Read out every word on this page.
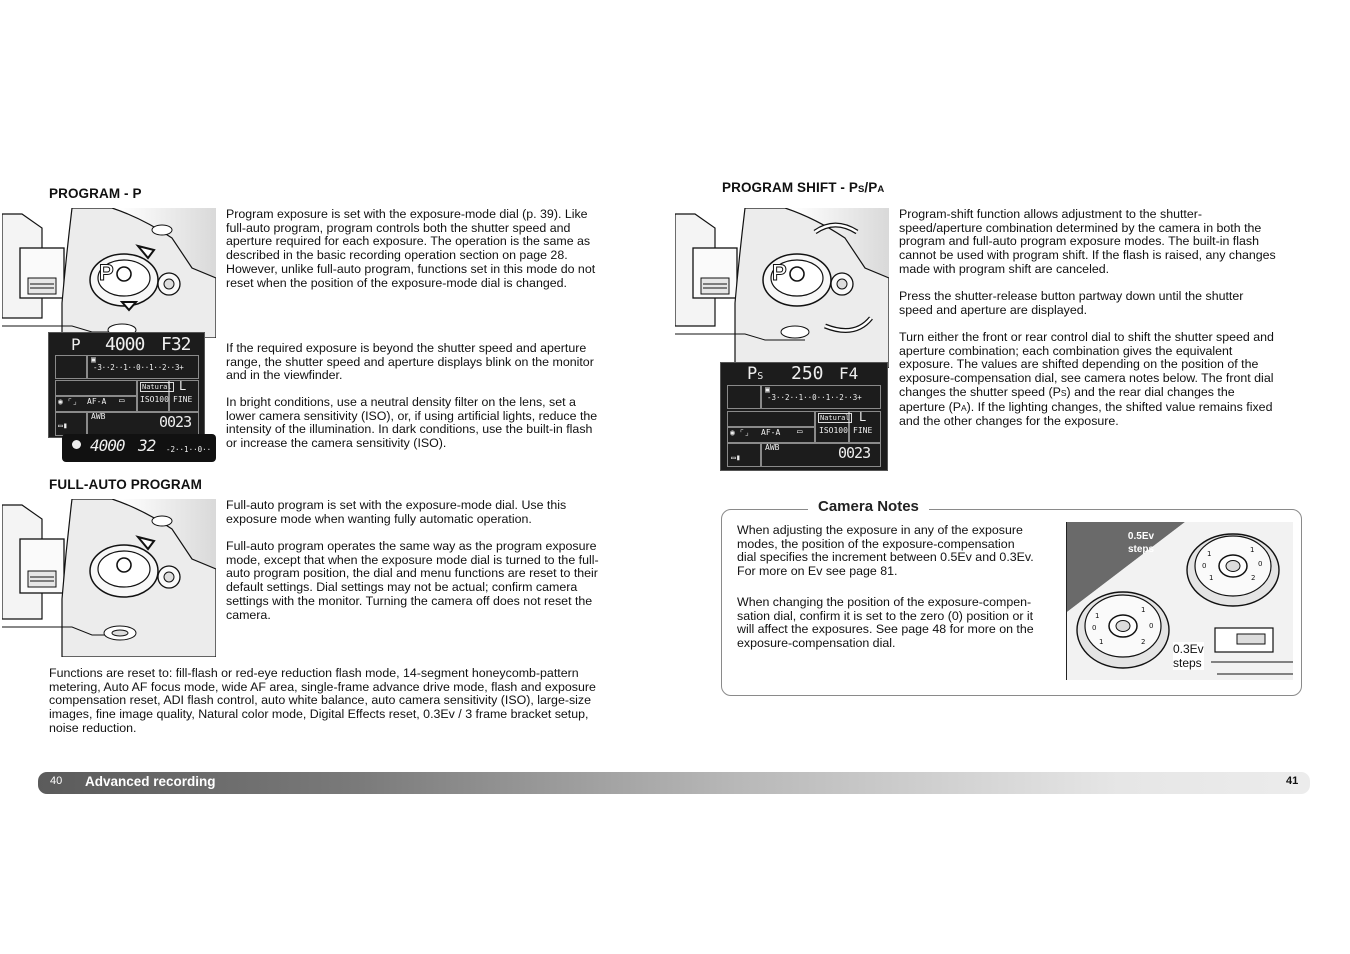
PROGRAM - P
P
P 4000 F32
▣
-3··2··1··0··1··2··3+
Natural
ISO100
L
FINE
◉ ⌜⌟ AF-A ▭
▭▮
AWB	0023
4000 32 -2··1··0··

Program exposure is set with the exposure-mode dial (p. 39). Like
full-auto program, program controls both the shutter speed and
aperture required for each exposure. The operation is the same as
described in the basic recording operation section on page 28.
However, unlike full-auto program, functions set in this mode do not
reset when the position of the exposure-mode dial is changed.

If the required exposure is beyond the shutter speed and aperture
range, the shutter speed and aperture displays blink on the monitor
and in the viewfinder.

In bright conditions, use a neutral density filter on the lens, set a
lower camera sensitivity (ISO), or, if using artificial lights, reduce the
intensity of the illumination. In dark conditions, use the built-in flash
or increase the camera sensitivity (ISO).

FULL-AUTO PROGRAM

Full-auto program is set with the exposure-mode dial. Use this
exposure mode when wanting fully automatic operation.

Full-auto program operates the same way as the program exposure
mode, except that when the exposure mode dial is turned to the full-
auto program position, the dial and menu functions are reset to their
default settings. Dial settings may not be actual; confirm camera
settings with the monitor. Turning the camera off does not reset the
camera.

Functions are reset to: fill-flash or red-eye reduction flash mode, 14-segment honeycomb-pattern
metering, Auto AF focus mode, wide AF area, single-frame advance drive mode, flash and exposure
compensation reset, ADI flash control, auto white balance, auto camera sensitivity (ISO), large-size
images, fine image quality, Natural color mode, Digital Effects reset, 0.3Ev / 3 frame bracket setup,
noise reduction.

PROGRAM SHIFT - PS/PA
P
PS 250 F4
▣
-3··2··1··0··1··2··3+
Natural
ISO100
L
FINE
◉ ⌜⌟ AF-A ▭
▭▮
AWB	0023

Program-shift function allows adjustment to the shutter-
speed/aperture combination determined by the camera in both the
program and full-auto program exposure modes. The built-in flash
cannot be used with program shift. If the flash is raised, any changes
made with program shift are canceled.

Press the shutter-release button partway down until the shutter
speed and aperture are displayed.

Turn either the front or rear control dial to shift the shutter speed and
aperture combination; each combination gives the equivalent
exposure. The values are shifted depending on the position of the
exposure-compensation dial, see camera notes below. The front dial
changes the shutter speed (PS) and the rear dial changes the
aperture (PA). If the lighting changes, the shifted value remains fixed
and the other changes for the exposure.

Camera Notes

When adjusting the exposure in any of the exposure
modes, the position of the exposure-compensation
dial specifies the increment between 0.5Ev and 0.3Ev.
For more on Ev see page 81.

When changing the position of the exposure-compen-
sation dial, confirm it is set to the zero (0) position or it
will affect the exposures. See page 48 for more on the
exposure-compensation dial.

1
0
1
1
0
2
1
0
1
1
0
2
0.5Ev
steps
0.3Ev
steps
40 Advanced recording	41
